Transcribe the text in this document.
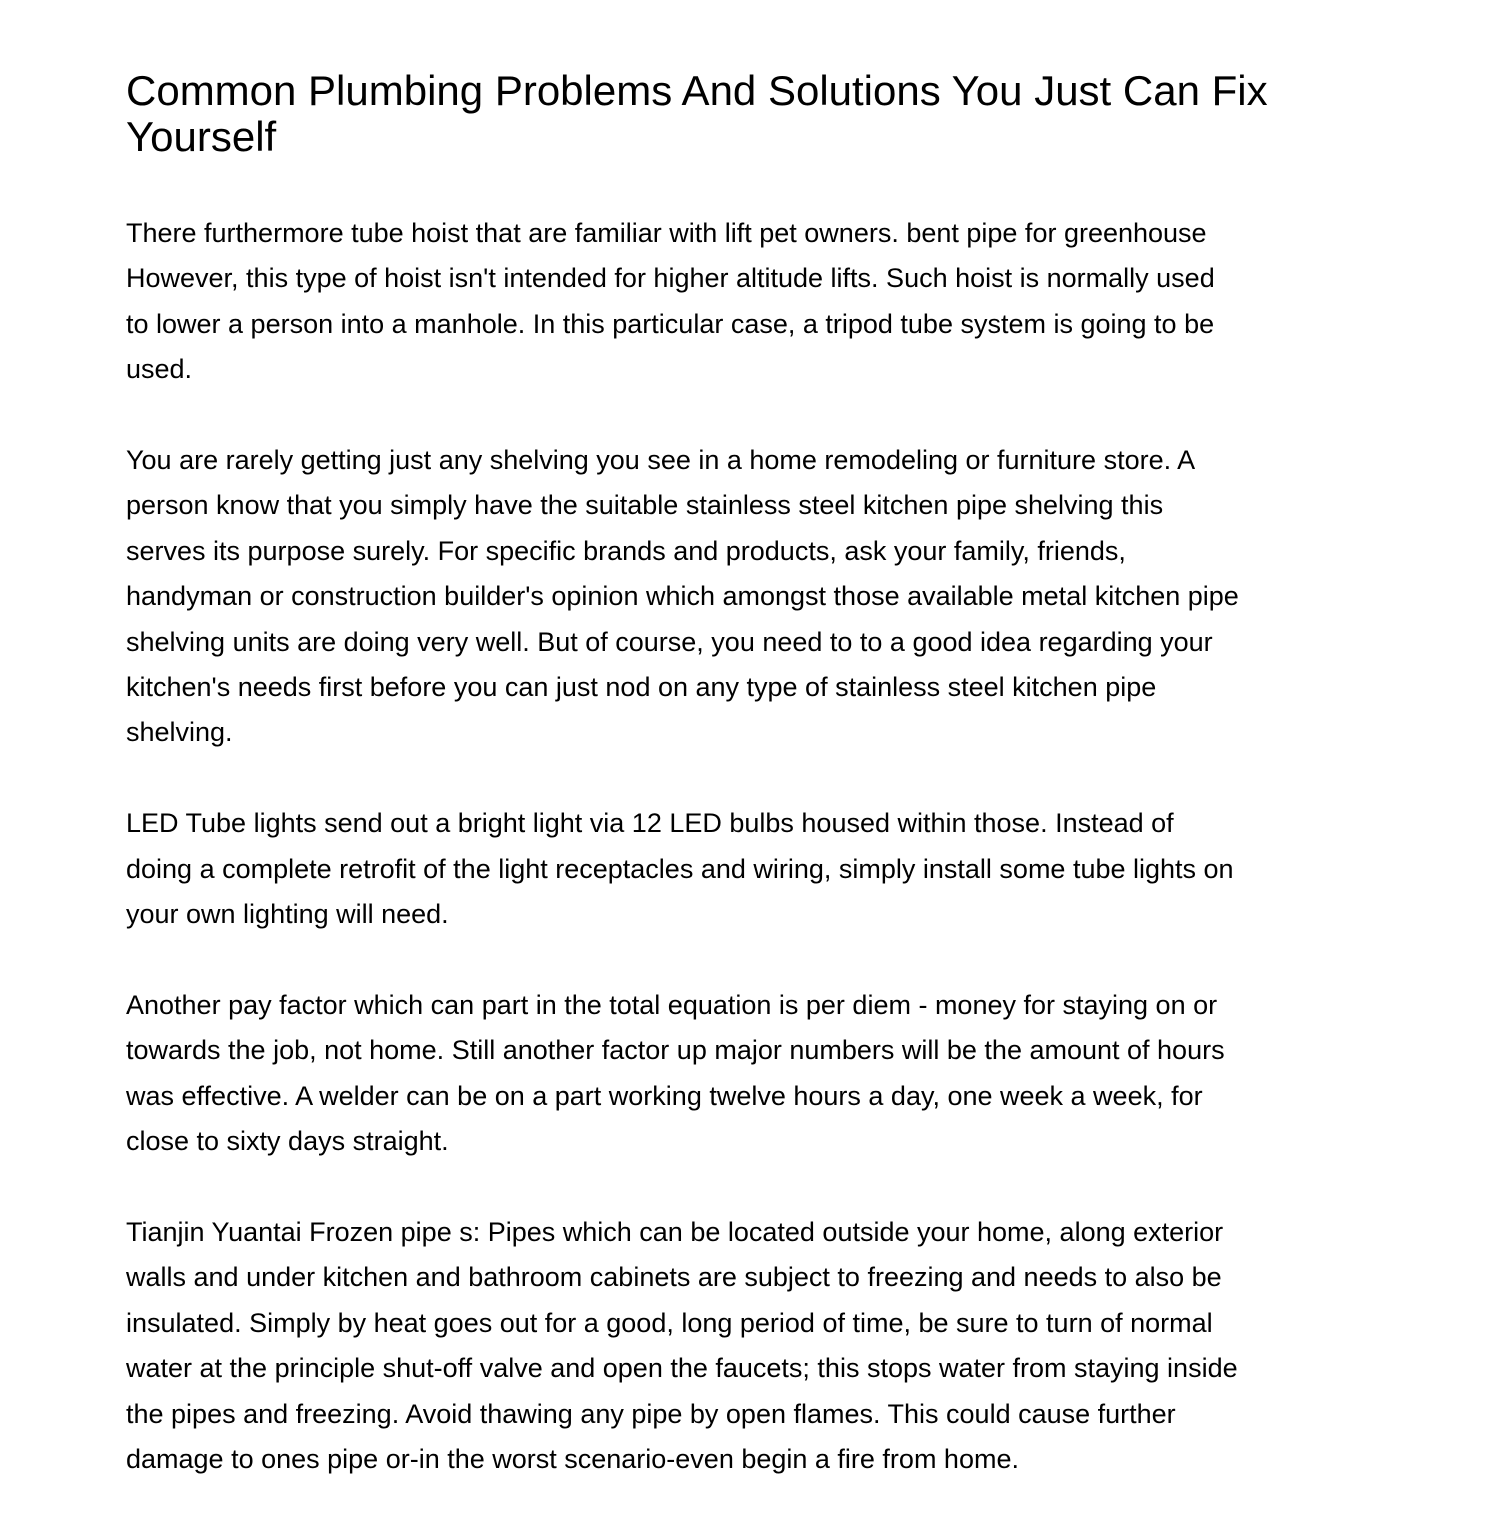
Common Plumbing Problems And Solutions You Just Can Fix
Yourself

There furthermore tube hoist that are familiar with lift pet owners. bent pipe for greenhouse
However, this type of hoist isn't intended for higher altitude lifts. Such hoist is normally used
to lower a person into a manhole. In this particular case, a tripod tube system is going to be
used.

You are rarely getting just any shelving you see in a home remodeling or furniture store. A
person know that you simply have the suitable stainless steel kitchen pipe shelving this
serves its purpose surely. For specific brands and products, ask your family, friends,
handyman or construction builder's opinion which amongst those available metal kitchen pipe
shelving units are doing very well. But of course, you need to to a good idea regarding your
kitchen's needs first before you can just nod on any type of stainless steel kitchen pipe
shelving.

LED Tube lights send out a bright light via 12 LED bulbs housed within those. Instead of
doing a complete retrofit of the light receptacles and wiring, simply install some tube lights on
your own lighting will need.

Another pay factor which can part in the total equation is per diem - money for staying on or
towards the job, not home. Still another factor up major numbers will be the amount of hours
was effective. A welder can be on a part working twelve hours a day, one week a week, for
close to sixty days straight.

Tianjin Yuantai Frozen pipe s: Pipes which can be located outside your home, along exterior
walls and under kitchen and bathroom cabinets are subject to freezing and needs to also be
insulated. Simply by heat goes out for a good, long period of time, be sure to turn of normal
water at the principle shut-off valve and open the faucets; this stops water from staying inside
the pipes and freezing. Avoid thawing any pipe by open flames. This could cause further
damage to ones pipe or-in the worst scenario-even begin a fire from home.
